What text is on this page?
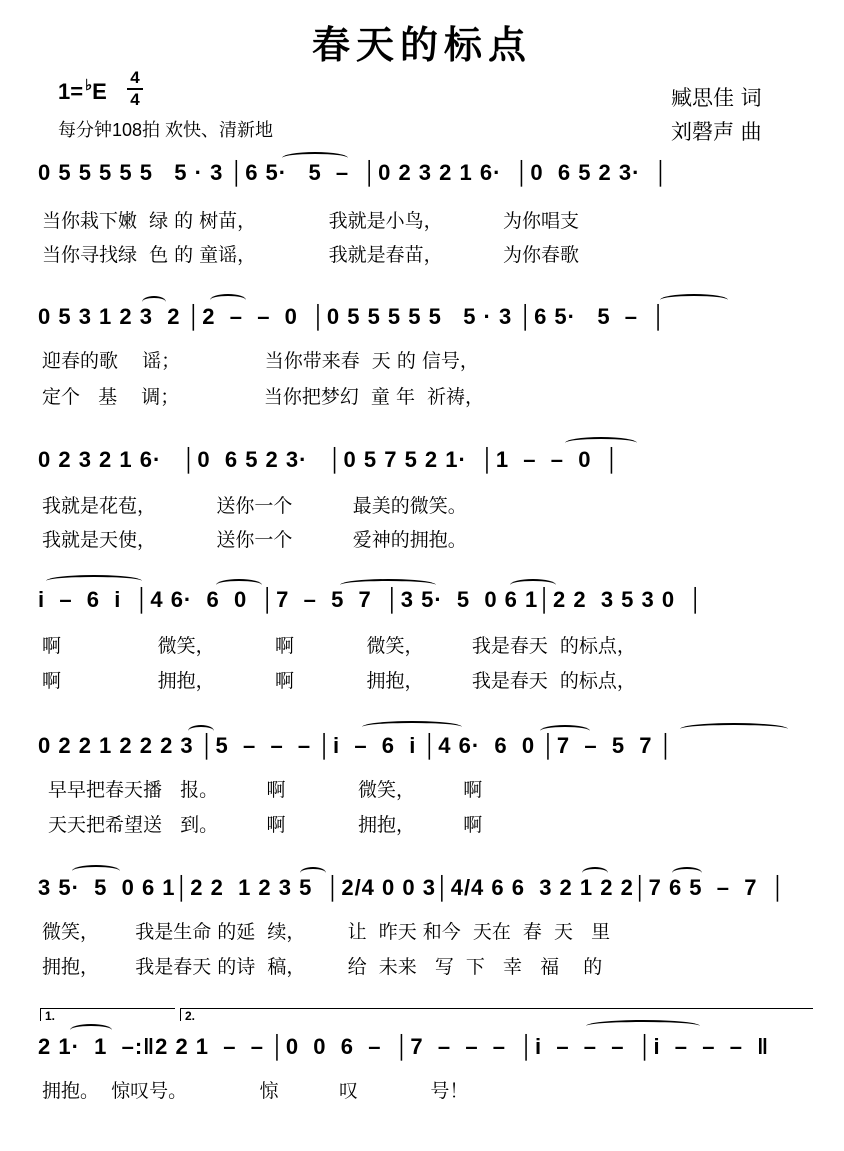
春天的标点
1= ♭E
4
4
每分钟108拍 欢快、清新地
臧思佳 词
刘磬声 曲
0 5 5 5 5 5   5 · 3 │6 5·   5  –  │0 2 3 2 1 6·  │0  6 5 2 3·  │
当你栽下嫩  绿 的 树苗，            我就是小鸟，          为你唱支
当你寻找绿  色 的 童谣，            我就是春苗，          为你春歌
0 5 3 1 2 3  2 │2  –  –  0  │0 5 5 5 5 5   5 · 3 │6 5·   5  –  │
迎春的歌    谣；              当你带来春  天 的 信号，
定个   基    调；              当你把梦幻  童 年  祈祷，
0 2 3 2 1 6·   │0  6 5 2 3·   │0 5 7 5 2 1·  │1  –  –  0  │
我就是花苞，          送你一个          最美的微笑。
我就是天使，          送你一个          爱神的拥抱。
i  –  6  i  │4 6·  6  0  │7  –  5  7  │3 5·  5  0 6 1│2 2  3 5 3 0  │
啊                微笑，          啊            微笑，        我是春天  的标点，
啊                拥抱，          啊            拥抱，        我是春天  的标点，
0 2 2 1 2 2 2 3 │5  –  –  – │i  –  6  i │4 6·  6  0 │7  –  5  7 │
早早把春天播   报。        啊            微笑，        啊
天天把希望送   到。        啊            拥抱，        啊
3 5·  5  0 6 1│2 2  1 2 3 5  │2/4 0 0 3│4/4 6 6  3 2 1 2 2│7 6 5  –  7  │
微笑，      我是生命 的延  续，       让  昨天 和今  天在  春  天   里
拥抱，      我是春天 的诗  稿，       给  未来   写  下   幸   福    的
1.	2.
2 1·  1  –:‖2 2 1  –  – │0  0  6  –  │7  –  –  –  │i  –  –  –  │i  –  –  –  ‖
拥抱。  惊叹号。            惊          叹            号！
